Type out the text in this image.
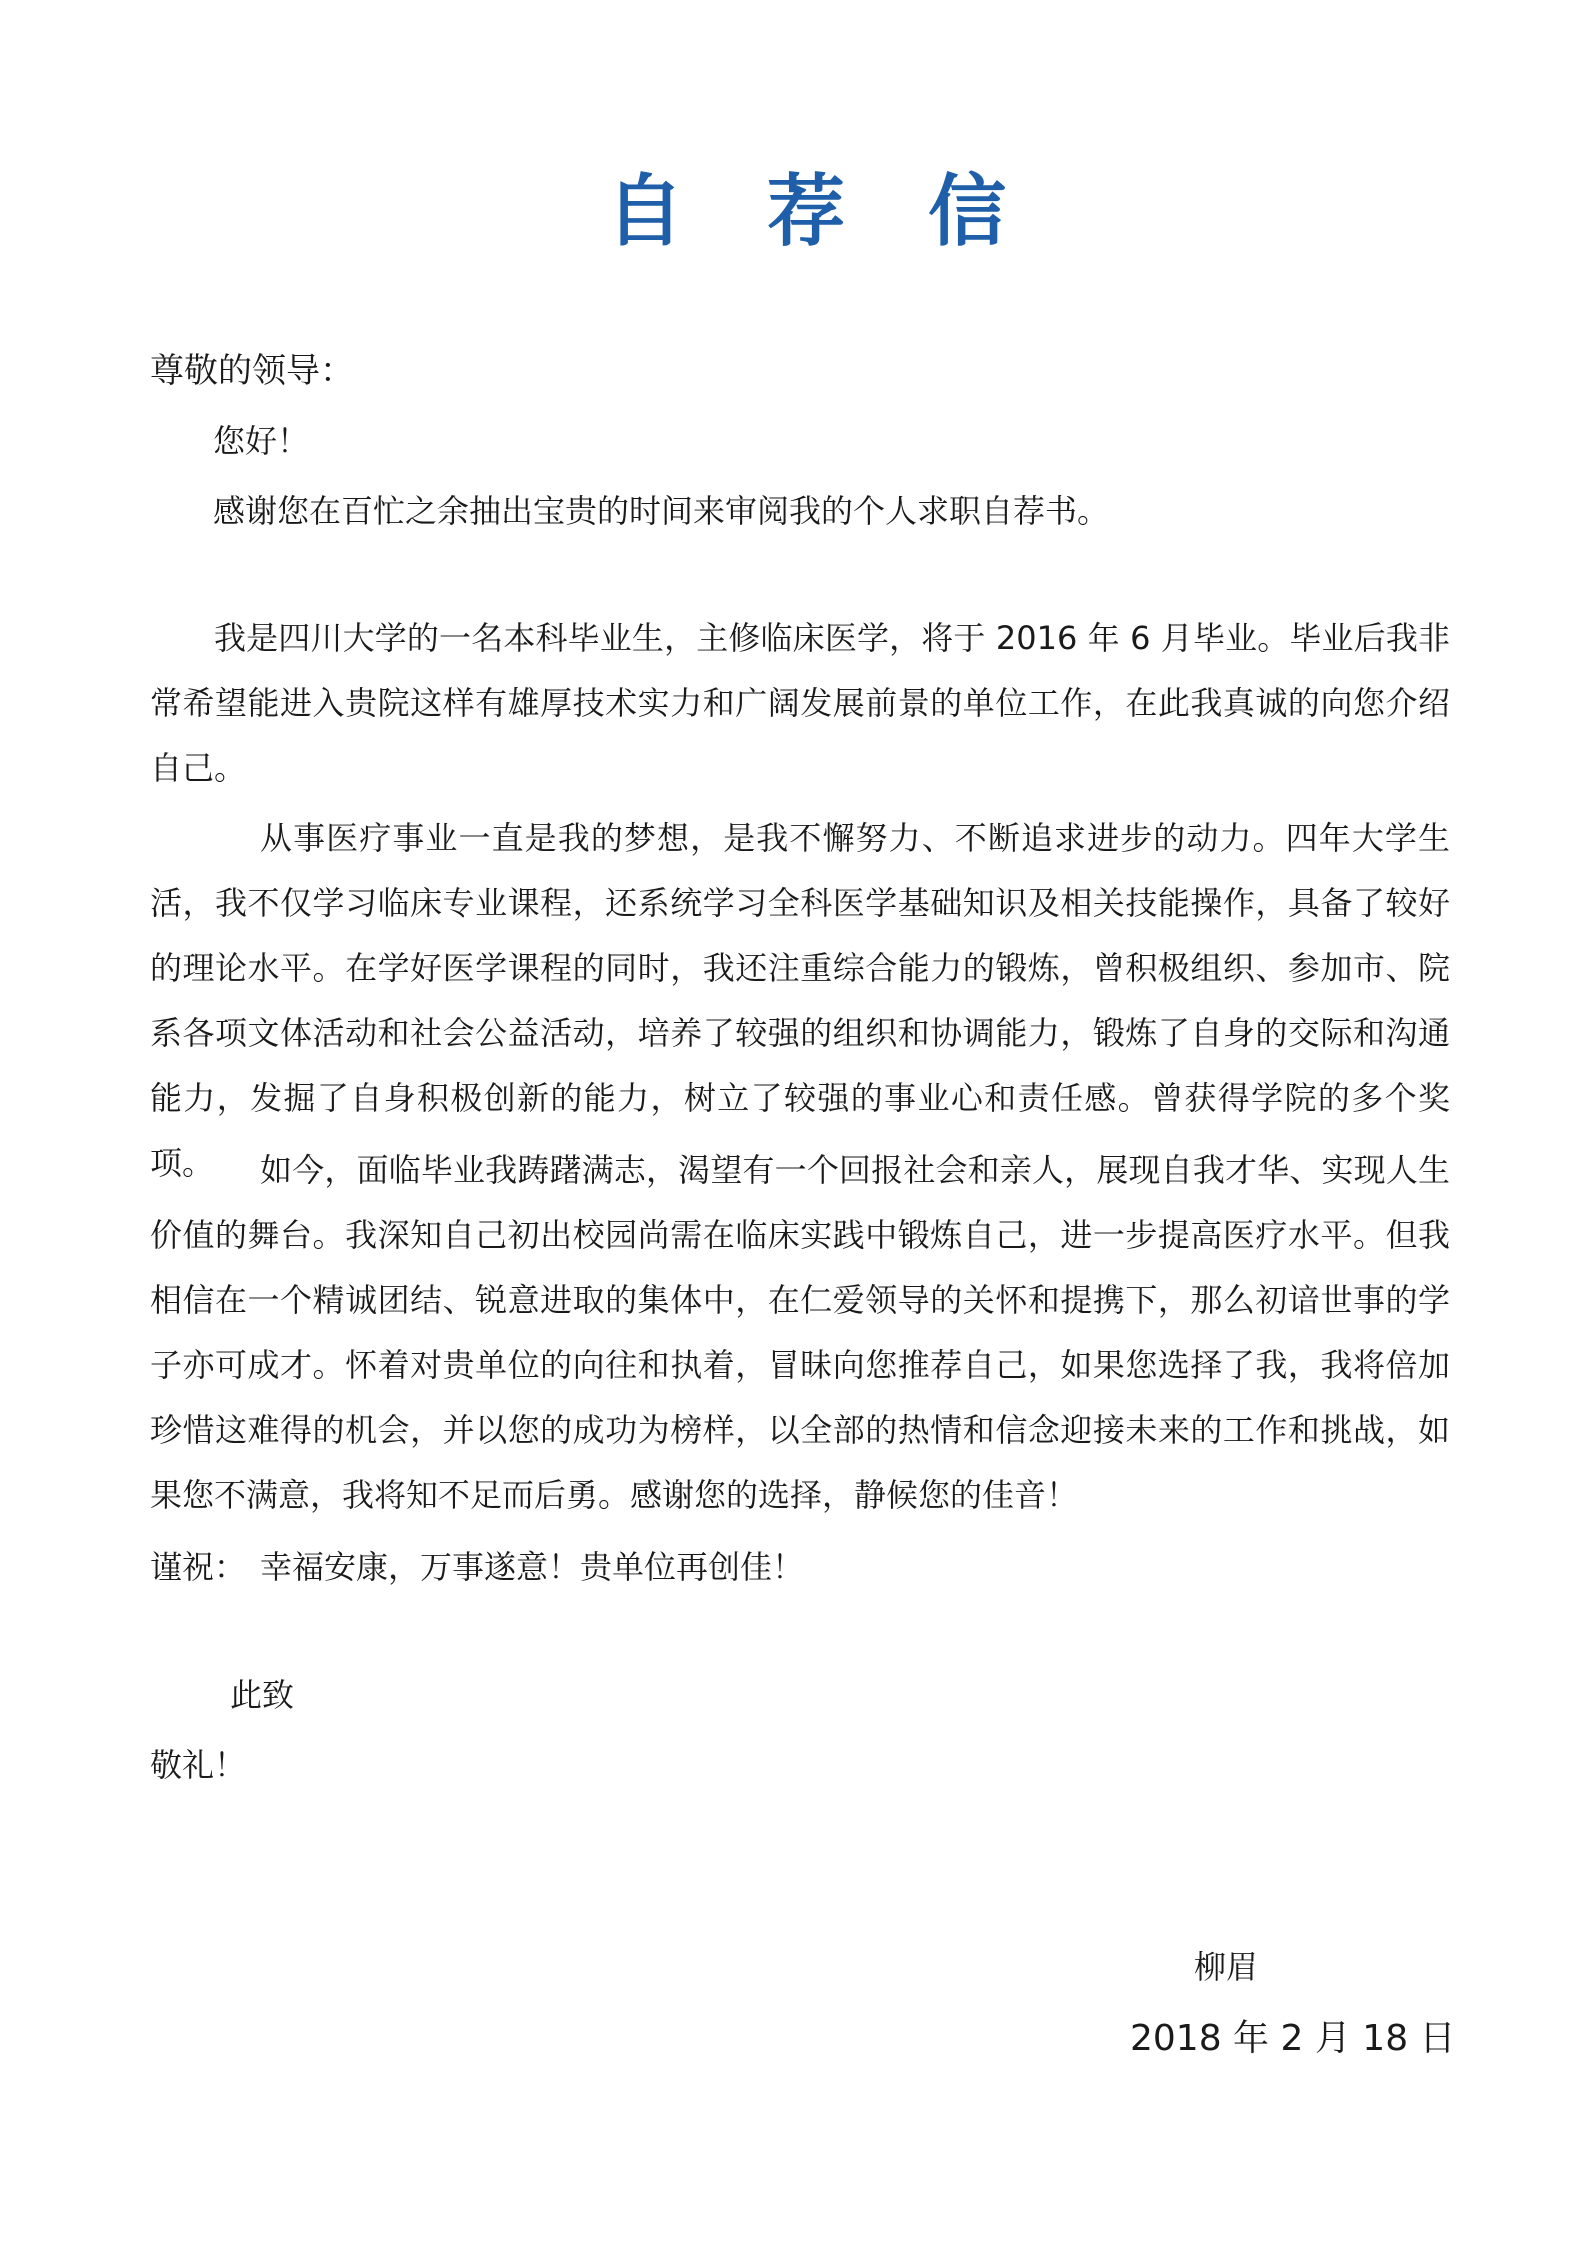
自 荐 信
尊敬的领导：
您好！
感谢您在百忙之余抽出宝贵的时间来审阅我的个人求职自荐书。
我是四川大学的一名本科毕业生，主修临床医学，将于 2016 年 6 月毕业。毕业后我非常希望能进入贵院这样有雄厚技术实力和广阔发展前景的单位工作，在此我真诚的向您介绍自己。
从事医疗事业一直是我的梦想，是我不懈努力、不断追求进步的动力。四年大学生活，我不仅学习临床专业课程，还系统学习全科医学基础知识及相关技能操作，具备了较好的理论水平。在学好医学课程的同时，我还注重综合能力的锻炼，曾积极组织、参加市、院系各项文体活动和社会公益活动，培养了较强的组织和协调能力，锻炼了自身的交际和沟通能力，发掘了自身积极创新的能力，树立了较强的事业心和责任感。曾获得学院的多个奖项。	如今，面临毕业我踌躇满志，渴望有一个回报社会和亲人，展现自我才华、实现人生价值的舞台。我深知自己初出校园尚需在临床实践中锻炼自己，进一步提高医疗水平。但我相信在一个精诚团结、锐意进取的集体中，在仁爱领导的关怀和提携下，那么初谙世事的学子亦可成才。怀着对贵单位的向往和执着，冒昧向您推荐自己，如果您选择了我，我将倍加珍惜这难得的机会，并以您的成功为榜样，以全部的热情和信念迎接未来的工作和挑战，如果您不满意，我将知不足而后勇。感谢您的选择，静候您的佳音！
谨祝： 幸福安康，万事遂意！贵单位再创佳！
此致
敬礼！
柳眉
2018 年 2 月 18 日
